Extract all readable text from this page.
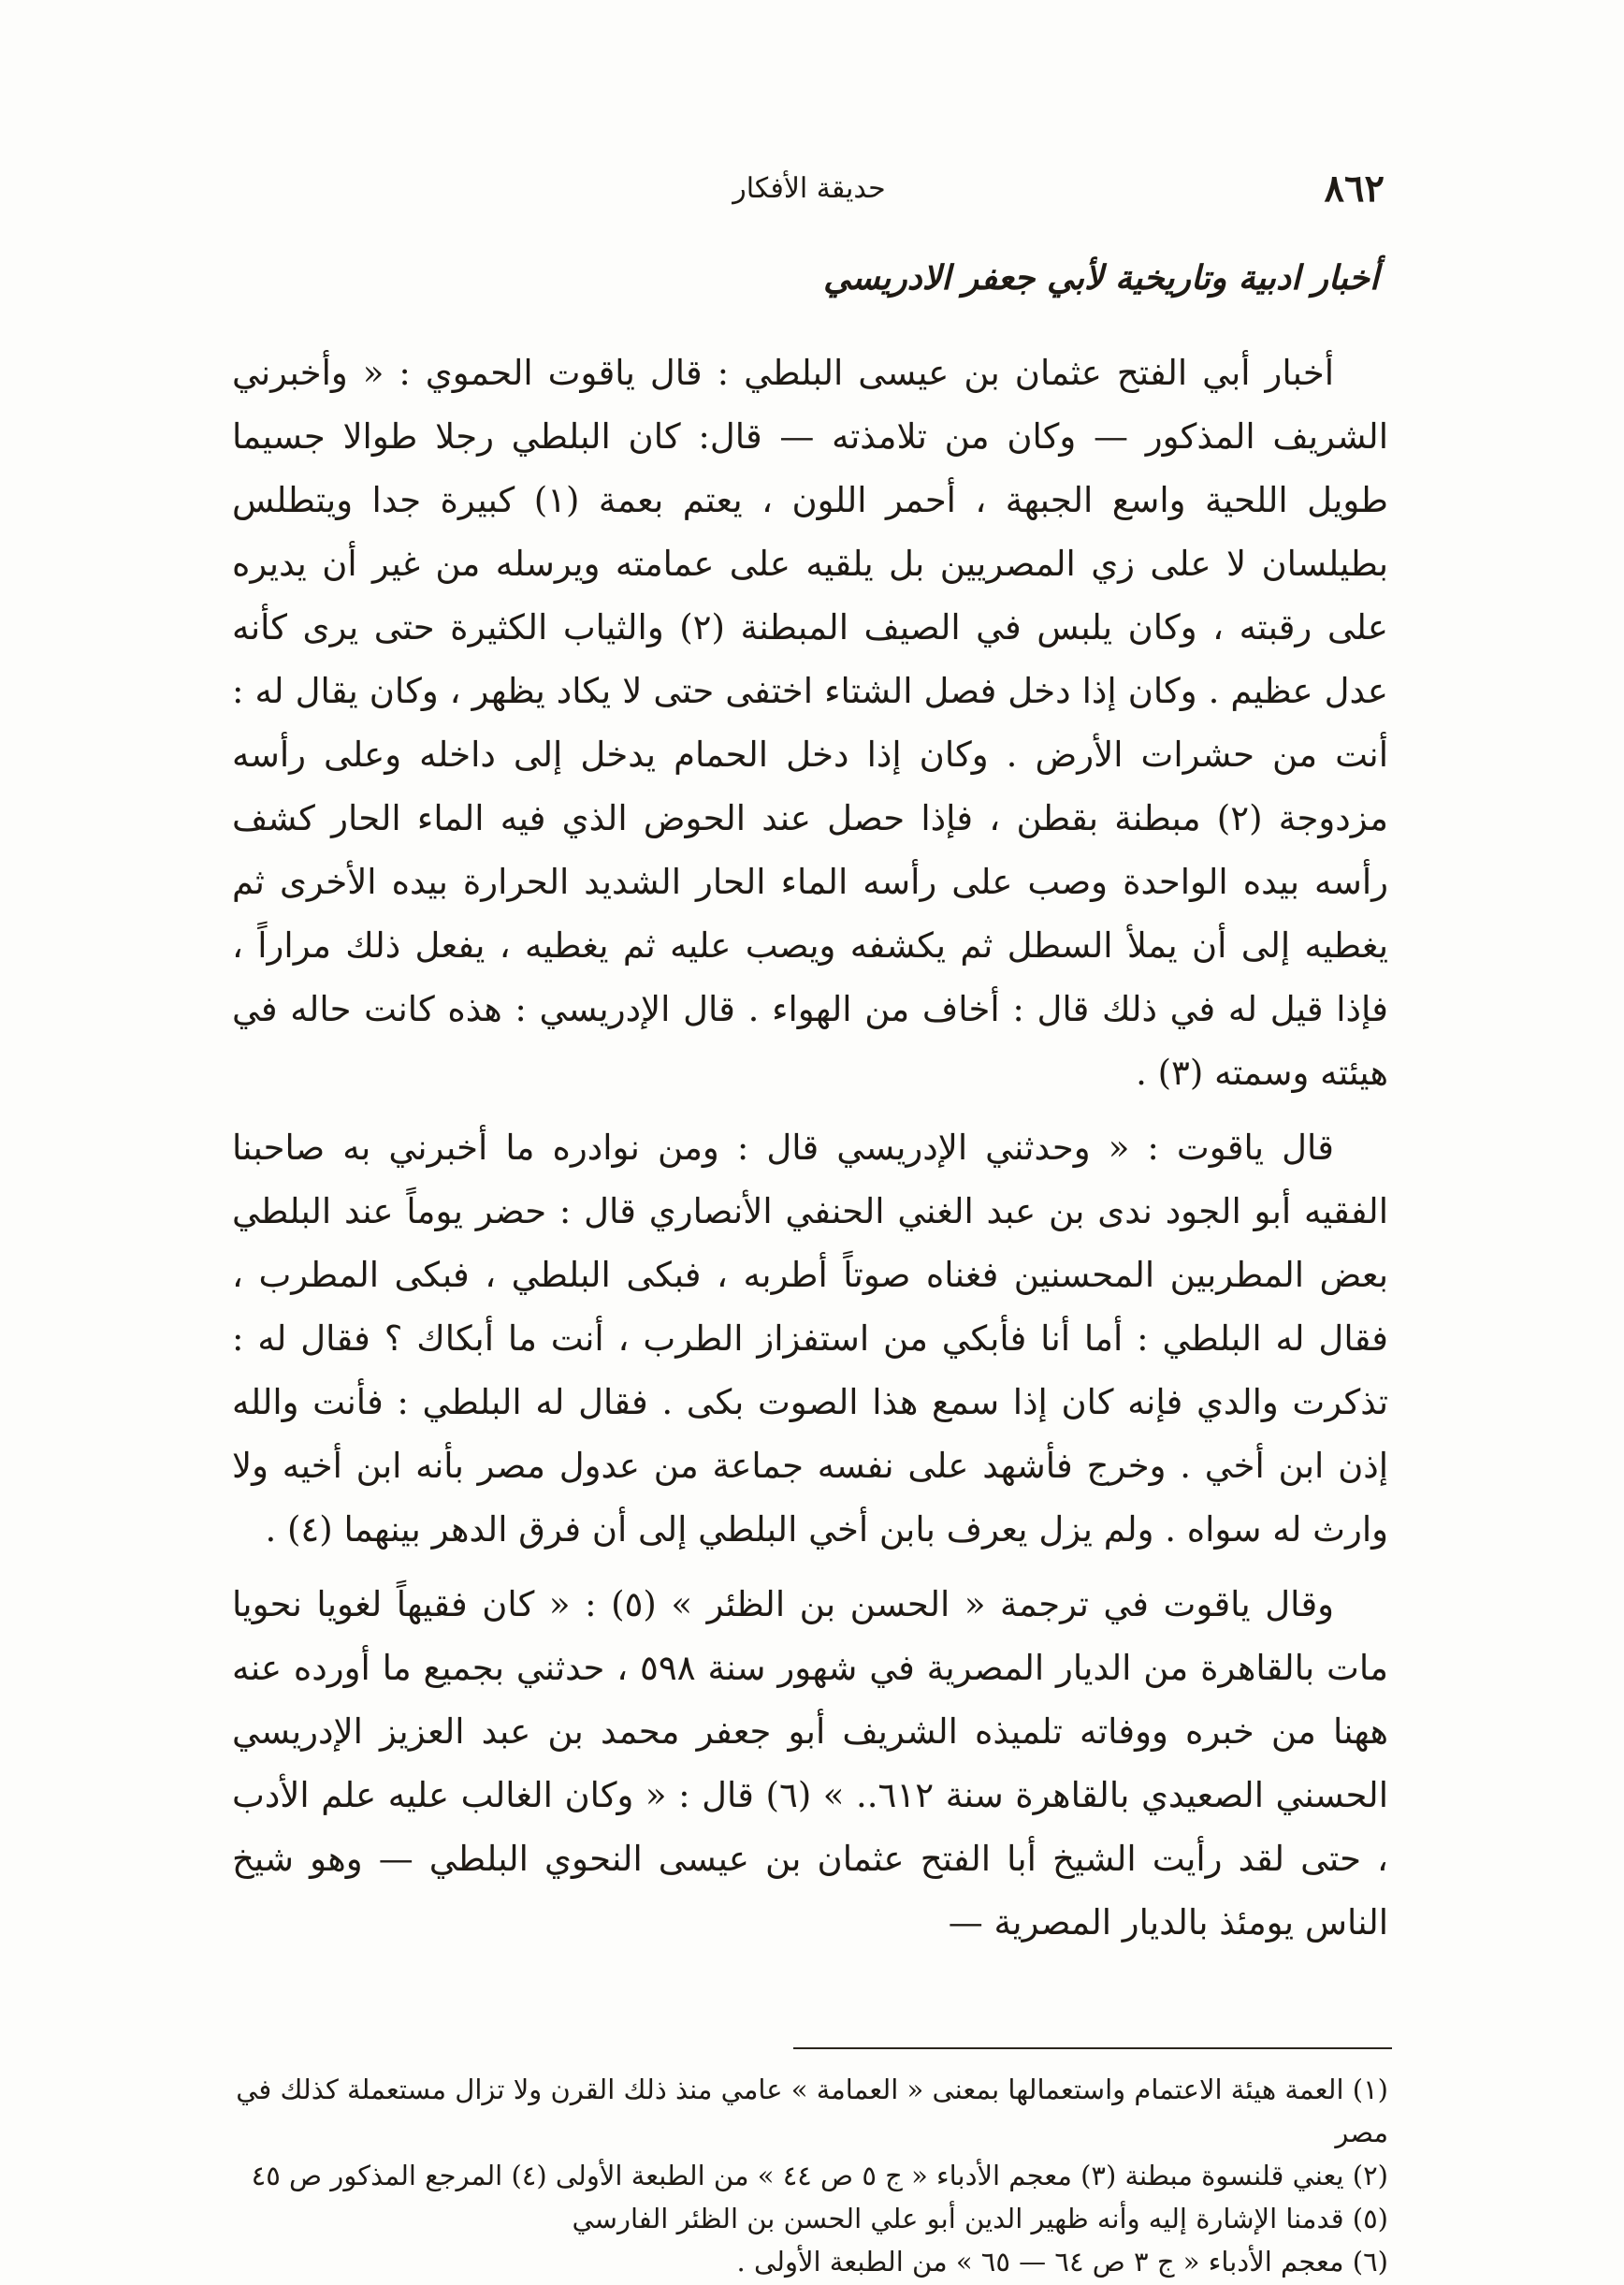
٨٦٢
حديقة الأفكار
أخبار ادبية وتاريخية لأبي جعفر الادريسي

أخبار أبي الفتح عثمان بن عيسى البلطي : قال ياقوت الحموي : « وأخبرني الشريف المذكور — وكان من تلامذته — قال: كان البلطي رجلا طوالا جسيما طويل اللحية واسع الجبهة ، أحمر اللون ، يعتم بعمة (١) كبيرة جدا ويتطلس بطيلسان لا على زي المصريين بل يلقيه على عمامته ويرسله من غير أن يديره على رقبته ، وكان يلبس في الصيف المبطنة (٢) والثياب الكثيرة حتى يرى كأنه عدل عظيم . وكان إذا دخل فصل الشتاء اختفى حتى لا يكاد يظهر ، وكان يقال له : أنت من حشرات الأرض . وكان إذا دخل الحمام يدخل إلى داخله وعلى رأسه مزدوجة (٢) مبطنة بقطن ، فإذا حصل عند الحوض الذي فيه الماء الحار كشف رأسه بيده الواحدة وصب على رأسه الماء الحار الشديد الحرارة بيده الأخرى ثم يغطيه إلى أن يملأ السطل ثم يكشفه ويصب عليه ثم يغطيه ، يفعل ذلك مراراً ، فإذا قيل له في ذلك قال : أخاف من الهواء . قال الإدريسي : هذه كانت حاله في هيئته وسمته (٣) .

قال ياقوت : « وحدثني الإدريسي قال : ومن نوادره ما أخبرني به صاحبنا الفقيه أبو الجود ندى بن عبد الغني الحنفي الأنصاري قال : حضر يوماً عند البلطي بعض المطربين المحسنين فغناه صوتاً أطربه ، فبكى البلطي ، فبكى المطرب ، فقال له البلطي : أما أنا فأبكي من استفزاز الطرب ، أنت ما أبكاك ؟ فقال له : تذكرت والدي فإنه كان إذا سمع هذا الصوت بكى . فقال له البلطي : فأنت والله إذن ابن أخي . وخرج فأشهد على نفسه جماعة من عدول مصر بأنه ابن أخيه ولا وارث له سواه . ولم يزل يعرف بابن أخي البلطي إلى أن فرق الدهر بينهما (٤) .

وقال ياقوت في ترجمة « الحسن بن الظئر » (٥) : « كان فقيهاً لغويا نحويا مات بالقاهرة من الديار المصرية في شهور سنة ٥٩٨ ، حدثني بجميع ما أورده عنه ههنا من خبره ووفاته تلميذه الشريف أبو جعفر محمد بن عبد العزيز الإدريسي الحسني الصعيدي بالقاهرة سنة ٦١٢.. » (٦) قال : « وكان الغالب عليه علم الأدب ، حتى لقد رأيت الشيخ أبا الفتح عثمان بن عيسى النحوي البلطي — وهو شيخ الناس يومئذ بالديار المصرية —

(١) العمة هيئة الاعتمام واستعمالها بمعنى « العمامة » عامي منذ ذلك القرن ولا تزال مستعملة كذلك في مصر

(٢) يعني قلنسوة مبطنة (٣) معجم الأدباء « ج ٥ ص ٤٤ » من الطبعة الأولى (٤) المرجع المذكور ص ٤٥ (٥) قدمنا الإشارة إليه وأنه ظهير الدين أبو علي الحسن بن الظئر الفارسي

(٦) معجم الأدباء « ج ٣ ص ٦٤ — ٦٥ » من الطبعة الأولى .
